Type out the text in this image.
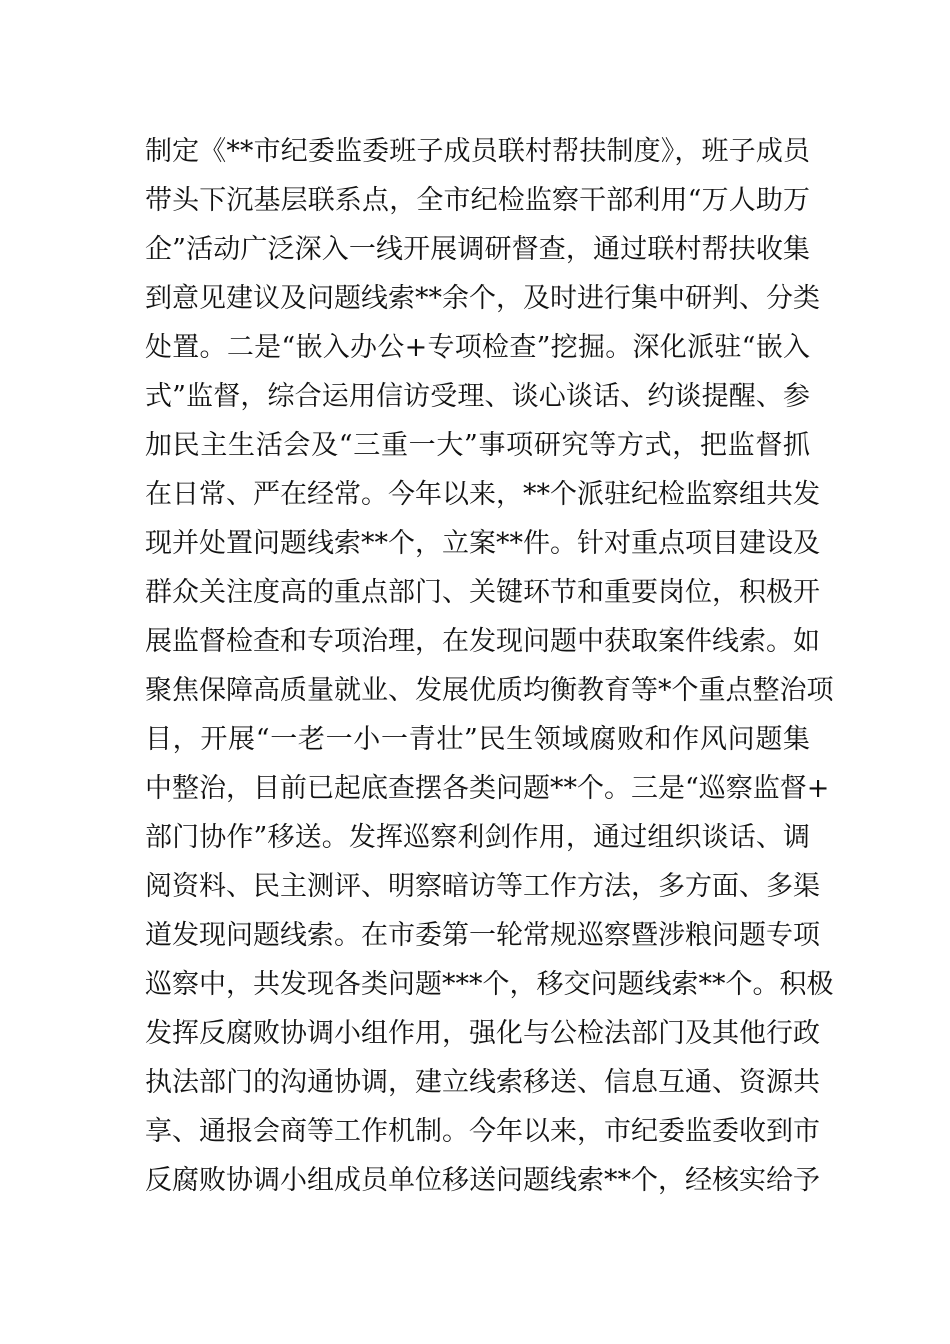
制定《**市纪委监委班子成员联村帮扶制度》，班子成员
带头下沉基层联系点，全市纪检监察干部利用“万人助万
企”活动广泛深入一线开展调研督查，通过联村帮扶收集
到意见建议及问题线索**余个，及时进行集中研判、分类
处置。二是“嵌入办公+专项检查”挖掘。深化派驻“嵌入
式”监督，综合运用信访受理、谈心谈话、约谈提醒、参
加民主生活会及“三重一大”事项研究等方式，把监督抓
在日常、严在经常。今年以来，**个派驻纪检监察组共发
现并处置问题线索**个，立案**件。针对重点项目建设及
群众关注度高的重点部门、关键环节和重要岗位，积极开
展监督检查和专项治理，在发现问题中获取案件线索。如
聚焦保障高质量就业、发展优质均衡教育等*个重点整治项
目，开展“一老一小一青壮”民生领域腐败和作风问题集
中整治，目前已起底查摆各类问题**个。三是“巡察监督+
部门协作”移送。发挥巡察利剑作用，通过组织谈话、调
阅资料、民主测评、明察暗访等工作方法，多方面、多渠
道发现问题线索。在市委第一轮常规巡察暨涉粮问题专项
巡察中，共发现各类问题***个，移交问题线索**个。积极
发挥反腐败协调小组作用，强化与公检法部门及其他行政
执法部门的沟通协调，建立线索移送、信息互通、资源共
享、通报会商等工作机制。今年以来，市纪委监委收到市
反腐败协调小组成员单位移送问题线索**个，经核实给予
